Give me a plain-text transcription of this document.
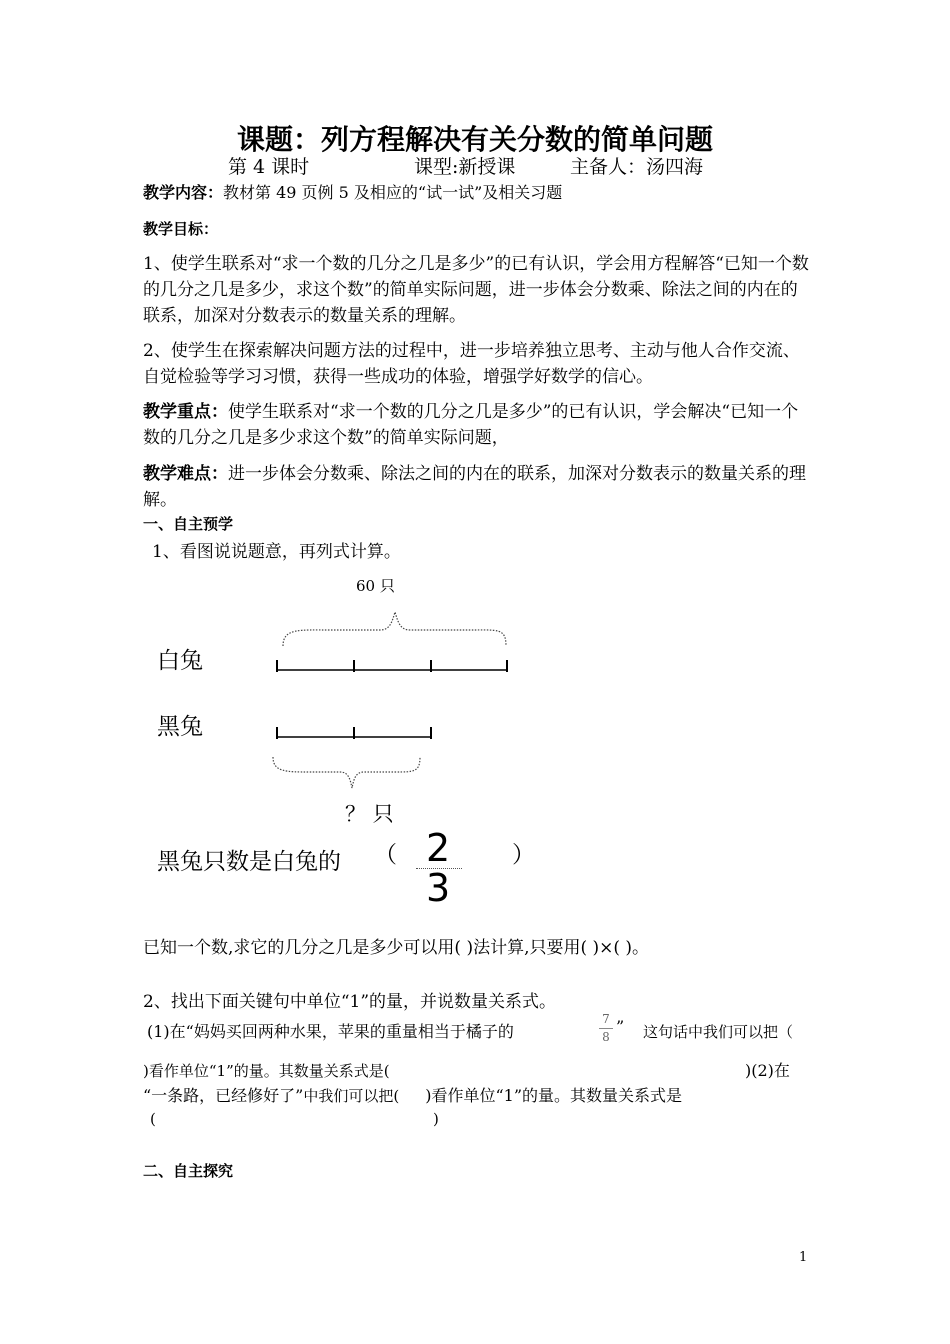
课题：列方程解决有关分数的简单问题
第 4 课时	课型:新授课	主备人：汤四海
教学内容：教材第 49 页例 5 及相应的“试一试”及相关习题
教学目标：
1、使学生联系对“求一个数的几分之几是多少”的已有认识，学会用方程解答“已知一个数的几分之几是多少，求这个数”的简单实际问题，进一步体会分数乘、除法之间的内在的联系，加深对分数表示的数量关系的理解。
2、使学生在探索解决问题方法的过程中，进一步培养独立思考、主动与他人合作交流、自觉检验等学习习惯，获得一些成功的体验，增强学好数学的信心。
教学重点：使学生联系对“求一个数的几分之几是多少”的已有认识，学会解决“已知一个数的几分之几是多少求这个数”的简单实际问题，
教学难点：进一步体会分数乘、除法之间的内在的联系，加深对分数表示的数量关系的理解。
一、自主预学
1、看图说说题意，再列式计算。
60 只
白兔
黑兔
？ 只
黑兔只数是白兔的 （ 2
3
）
已知一个数,求它的几分之几是多少可以用( )法计算,只要用( )×( )。
2、找出下面关键句中单位“1”的量，并说数量关系式。
(1)在“妈妈买回两种水果，苹果的重量相当于橘子的
7
8
” 这句话中我们可以把（
)看作单位“1”的量。其数量关系式是(	)(2)在
“一条路，已经修好了”中我们可以把( )看作单位“1”的量。其数量关系式是
(	)
二、自主探究
1
